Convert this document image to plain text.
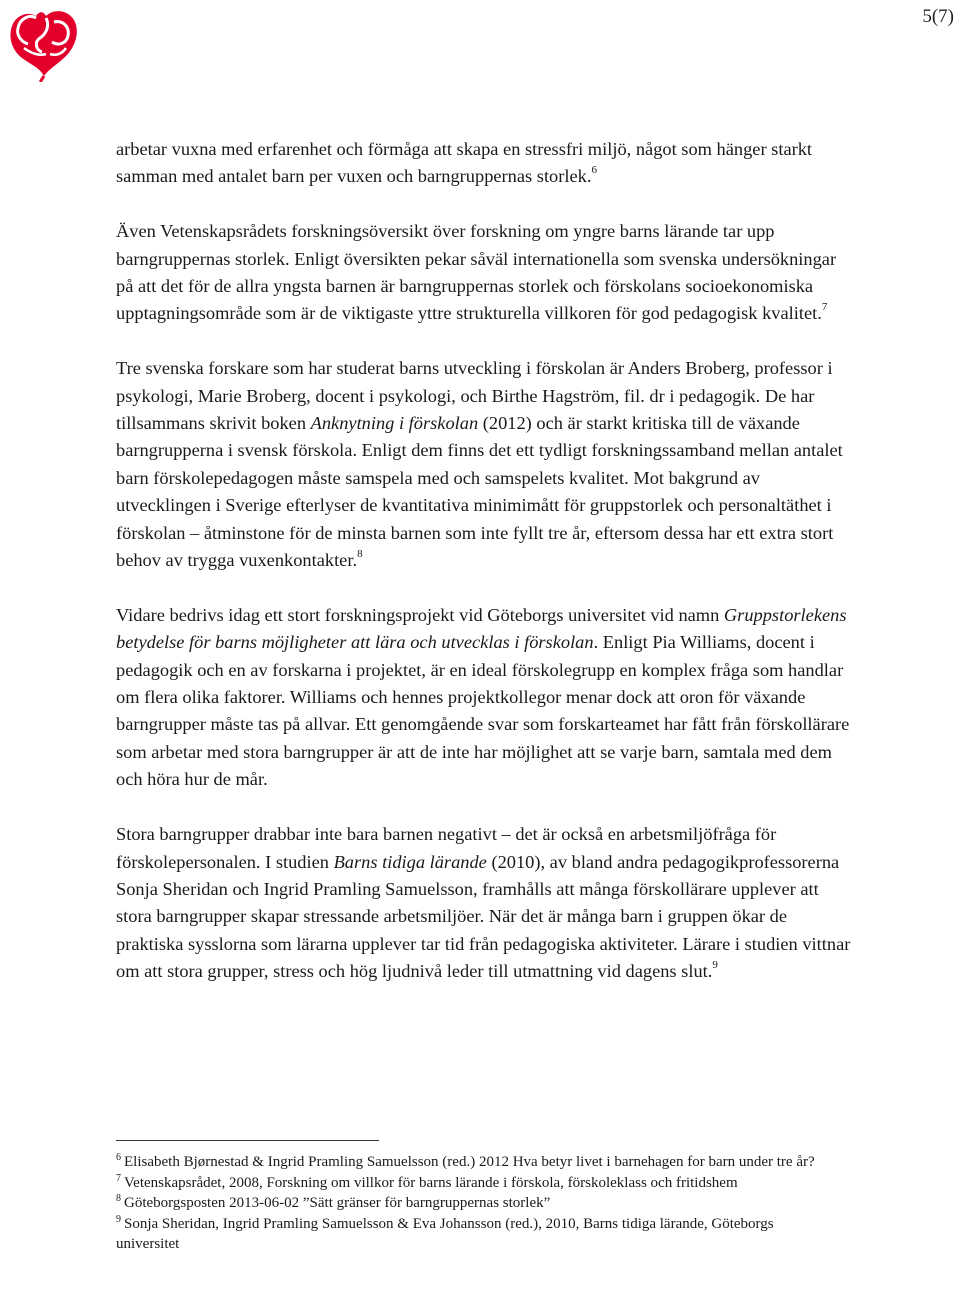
5(7)

arbetar vuxna med erfarenhet och förmåga att skapa en stressfri miljö, något som hänger starkt samman med antalet barn per vuxen och barngruppernas storlek.$^6$

Även Vetenskapsrådets forskningsöversikt över forskning om yngre barns lärande tar upp barngruppernas storlek. Enligt översikten pekar såväl internationella som svenska undersökningar på att det för de allra yngsta barnen är barngruppernas storlek och förskolans socioekonomiska upptagningsområde som är de viktigaste yttre strukturella villkoren för god pedagogisk kvalitet.$^7$

Tre svenska forskare som har studerat barns utveckling i förskolan är Anders Broberg, professor i psykologi, Marie Broberg, docent i psykologi, och Birthe Hagström, fil. dr i pedagogik. De har tillsammans skrivit boken Anknytning i förskolan (2012) och är starkt kritiska till de växande barngrupperna i svensk förskola. Enligt dem finns det ett tydligt forskningssamband mellan antalet barn förskolepedagogen måste samspela med och samspelets kvalitet. Mot bakgrund av utvecklingen i Sverige efterlyser de kvantitativa minimimått för gruppstorlek och personaltäthet i förskolan – åtminstone för de minsta barnen som inte fyllt tre år, eftersom dessa har ett extra stort behov av trygga vuxenkontakter.$^8$

Vidare bedrivs idag ett stort forskningsprojekt vid Göteborgs universitet vid namn Gruppstorlekens betydelse för barns möjligheter att lära och utvecklas i förskolan. Enligt Pia Williams, docent i pedagogik och en av forskarna i projektet, är en ideal förskolegrupp en komplex fråga som handlar om flera olika faktorer. Williams och hennes projektkollegor menar dock att oron för växande barngrupper måste tas på allvar. Ett genomgående svar som forskarteamet har fått från förskollärare som arbetar med stora barngrupper är att de inte har möjlighet att se varje barn, samtala med dem och höra hur de mår.

Stora barngrupper drabbar inte bara barnen negativt – det är också en arbetsmiljöfråga för förskolepersonalen. I studien Barns tidiga lärande (2010), av bland andra pedagogikprofessorerna Sonja Sheridan och Ingrid Pramling Samuelsson, framhålls att många förskollärare upplever att stora barngrupper skapar stressande arbetsmiljöer. När det är många barn i gruppen ökar de praktiska sysslorna som lärarna upplever tar tid från pedagogiska aktiviteter. Lärare i studien vittnar om att stora grupper, stress och hög ljudnivå leder till utmattning vid dagens slut.$^9$

$^6$ Elisabeth Bjørnestad & Ingrid Pramling Samuelsson (red.) 2012 Hva betyr livet i barnehagen for barn under tre år?

$^7$ Vetenskapsrådet, 2008, Forskning om villkor för barns lärande i förskola, förskoleklass och fritidshem

$^8$ Göteborgsposten 2013-06-02 ”Sätt gränser för barngruppernas storlek”

$^9$ Sonja Sheridan, Ingrid Pramling Samuelsson & Eva Johansson (red.), 2010, Barns tidiga lärande, Göteborgs universitet
